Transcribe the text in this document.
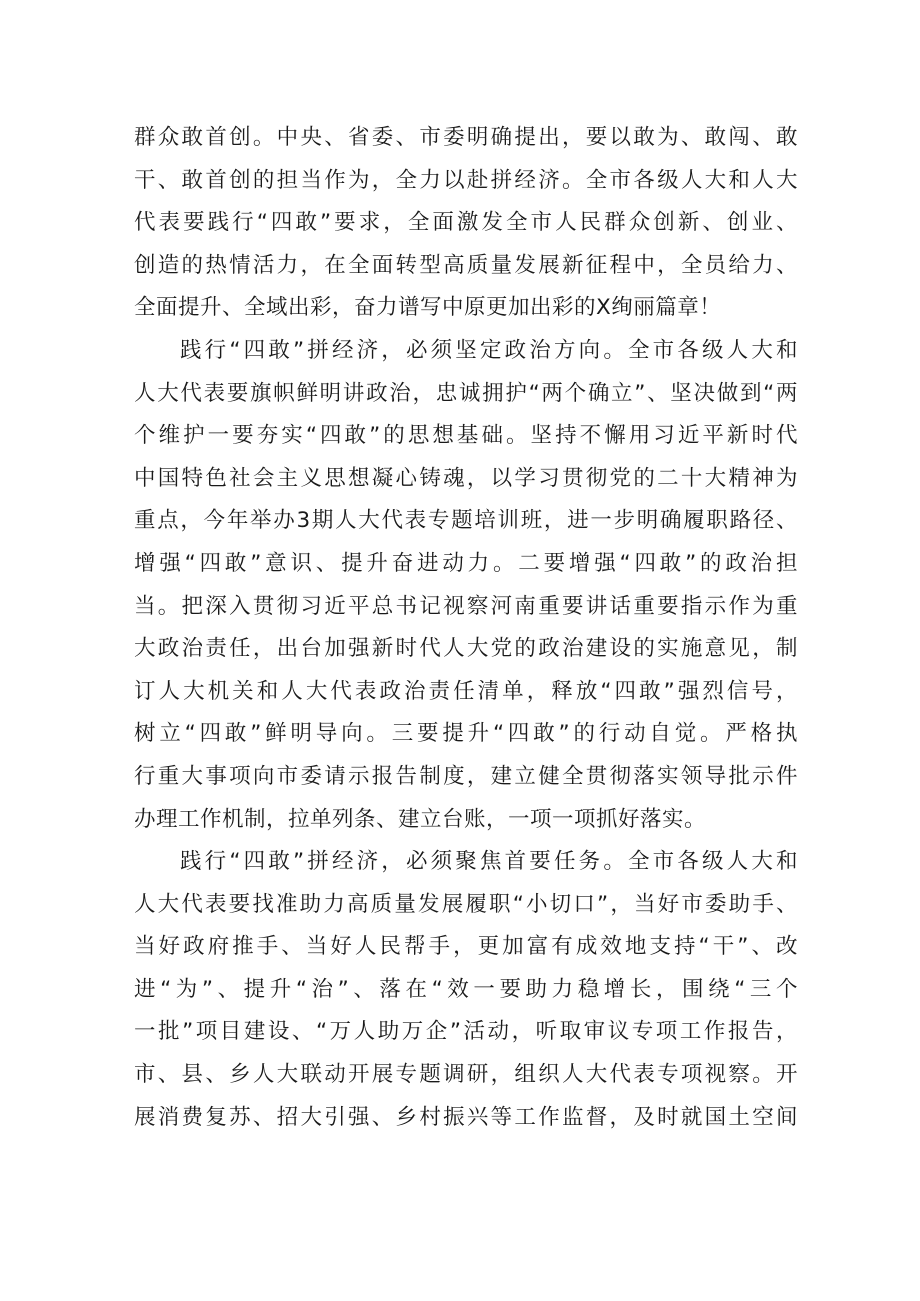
群众敢首创。中央、省委、市委明确提出，要以敢为、敢闯、敢
干、敢首创的担当作为，全力以赴拼经济。全市各级人大和人大
代表要践行“四敢”要求，全面激发全市人民群众创新、创业、
创造的热情活力，在全面转型高质量发展新征程中，全员给力、
全面提升、全域出彩，奋力谱写中原更加出彩的X绚丽篇章！
践行“四敢”拼经济，必须坚定政治方向。全市各级人大和
人大代表要旗帜鲜明讲政治，忠诚拥护“两个确立”、坚决做到“两
个维护一要夯实“四敢”的思想基础。坚持不懈用习近平新时代
中国特色社会主义思想凝心铸魂，以学习贯彻党的二十大精神为
重点，今年举办3期人大代表专题培训班，进一步明确履职路径、
增强“四敢”意识、提升奋进动力。二要增强“四敢”的政治担
当。把深入贯彻习近平总书记视察河南重要讲话重要指示作为重
大政治责任，出台加强新时代人大党的政治建设的实施意见，制
订人大机关和人大代表政治责任清单，释放“四敢”强烈信号，
树立“四敢”鲜明导向。三要提升“四敢”的行动自觉。严格执
行重大事项向市委请示报告制度，建立健全贯彻落实领导批示件
办理工作机制，拉单列条、建立台账，一项一项抓好落实。
践行“四敢”拼经济，必须聚焦首要任务。全市各级人大和
人大代表要找准助力高质量发展履职“小切口”，当好市委助手、
当好政府推手、当好人民帮手，更加富有成效地支持“干”、改
进“为”、提升“治”、落在“效一要助力稳增长，围绕“三个
一批”项目建设、“万人助万企”活动，听取审议专项工作报告，
市、县、乡人大联动开展专题调研，组织人大代表专项视察。开
展消费复苏、招大引强、乡村振兴等工作监督，及时就国土空间
